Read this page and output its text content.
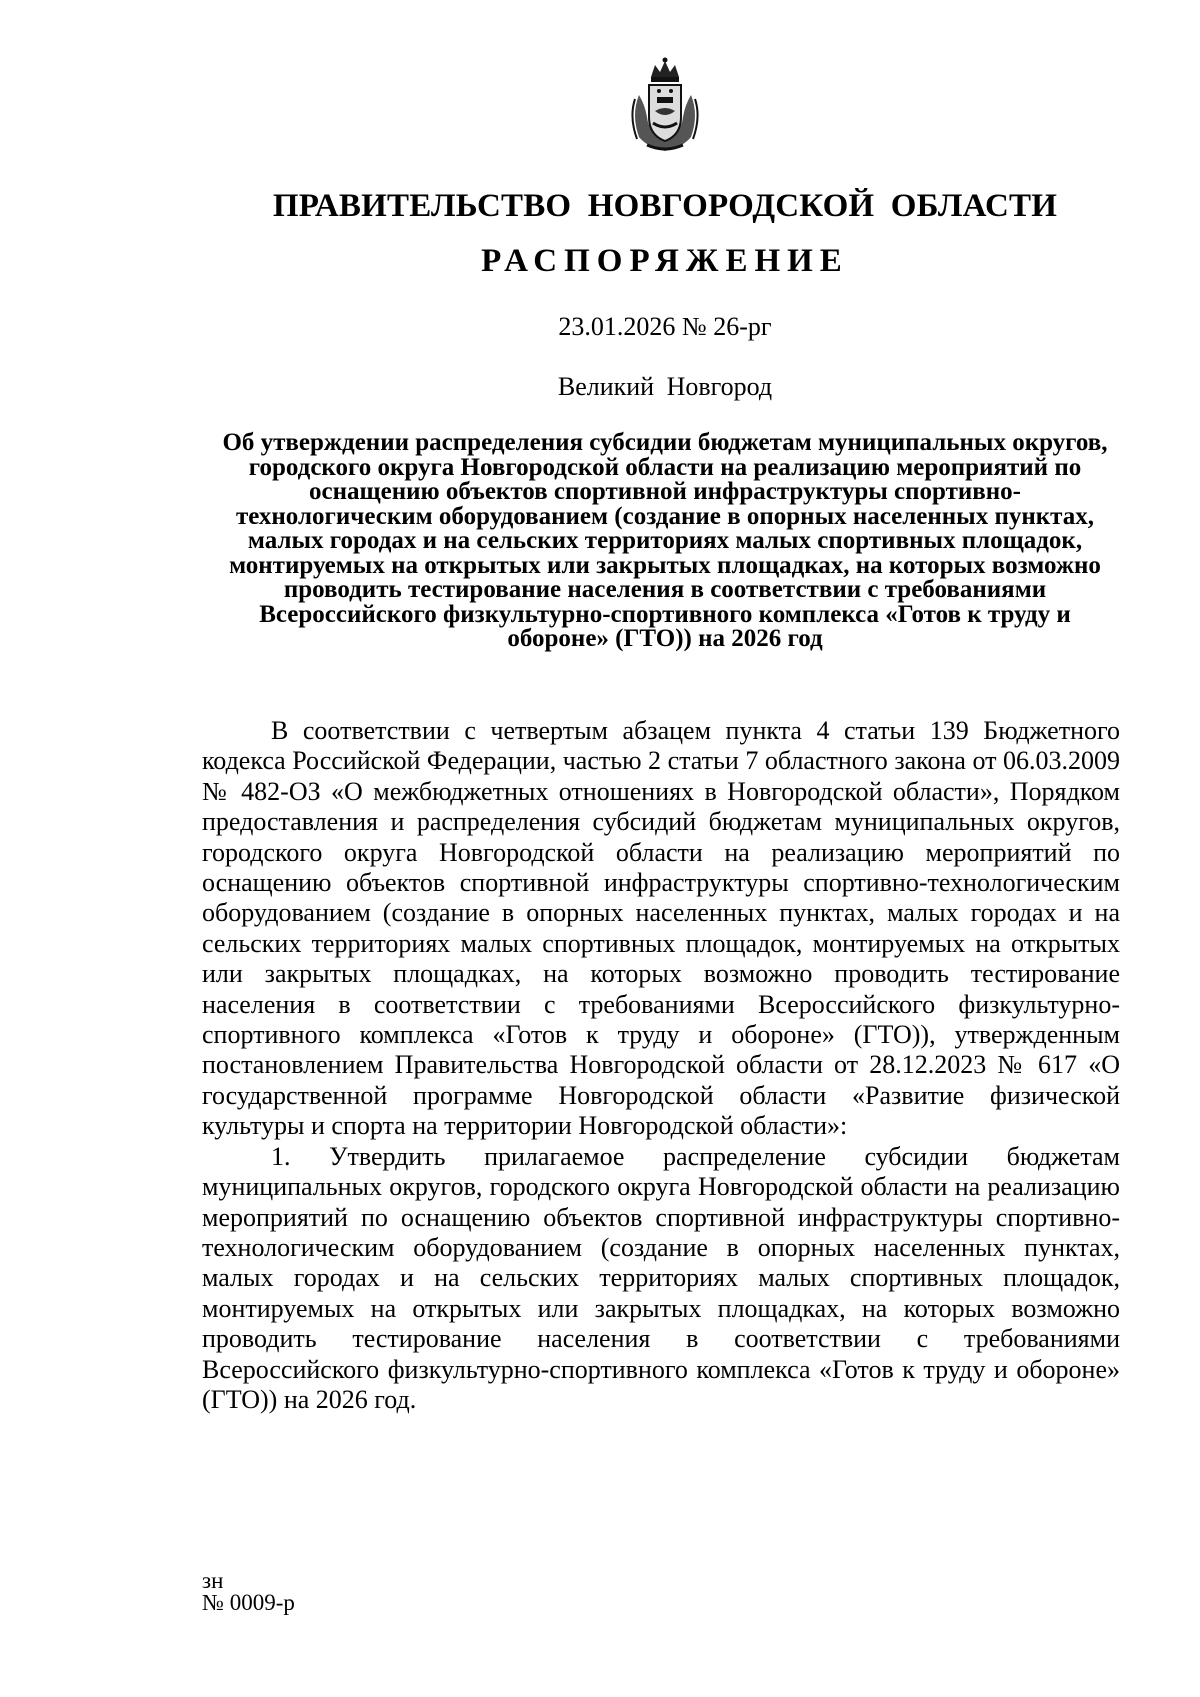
ПРАВИТЕЛЬСТВО НОВГОРОДСКОЙ ОБЛАСТИ
РАСПОРЯЖЕНИЕ
23.01.2026 № 26-рг
Великий Новгород
Об утверждении распределения субсидии бюджетам муниципальных округов, городского округа Новгородской области на реализацию мероприятий по оснащению объектов спортивной инфраструктуры спортивно-технологическим оборудованием (создание в опорных населенных пунктах, малых городах и на сельских территориях малых спортивных площадок, монтируемых на открытых или закрытых площадках, на которых возможно проводить тестирование населения в соответствии с требованиями Всероссийского физкультурно-спортивного комплекса «Готов к труду и обороне» (ГТО)) на 2026 год

В соответствии с четвертым абзацем пункта 4 статьи 139 Бюджетного кодекса Российской Федерации, частью 2 статьи 7 областного закона от 06.03.2009 № 482-ОЗ «О межбюджетных отношениях в Новгородской области», Порядком предоставления и распределения субсидий бюджетам муниципальных округов, городского округа Новгородской области на реализацию мероприятий по оснащению объектов спортивной инфраструктуры спортивно-технологическим оборудованием (создание в опорных населенных пунктах, малых городах и на сельских территориях малых спортивных площадок, монтируемых на открытых или закрытых площадках, на которых возможно проводить тестирование населения в соответствии с требованиями Всероссийского физкультурно-спортивного комплекса «Готов к труду и обороне» (ГТО)), утвержденным постановлением Правительства Новгородской области от 28.12.2023 № 617 «О государственной программе Новгородской области «Развитие физической культуры и спорта на территории Новгородской области»:

1. Утвердить прилагаемое распределение субсидии бюджетам муниципальных округов, городского округа Новгородской области на реализацию мероприятий по оснащению объектов спортивной инфраструктуры спортивно-технологическим оборудованием (создание в опорных населенных пунктах, малых городах и на сельских территориях малых спортивных площадок, монтируемых на открытых или закрытых площадках, на которых возможно проводить тестирование населения в соответствии с требованиями Всероссийского физкультурно-спортивного комплекса «Готов к труду и обороне» (ГТО)) на 2026 год.

зн
№ 0009-р
